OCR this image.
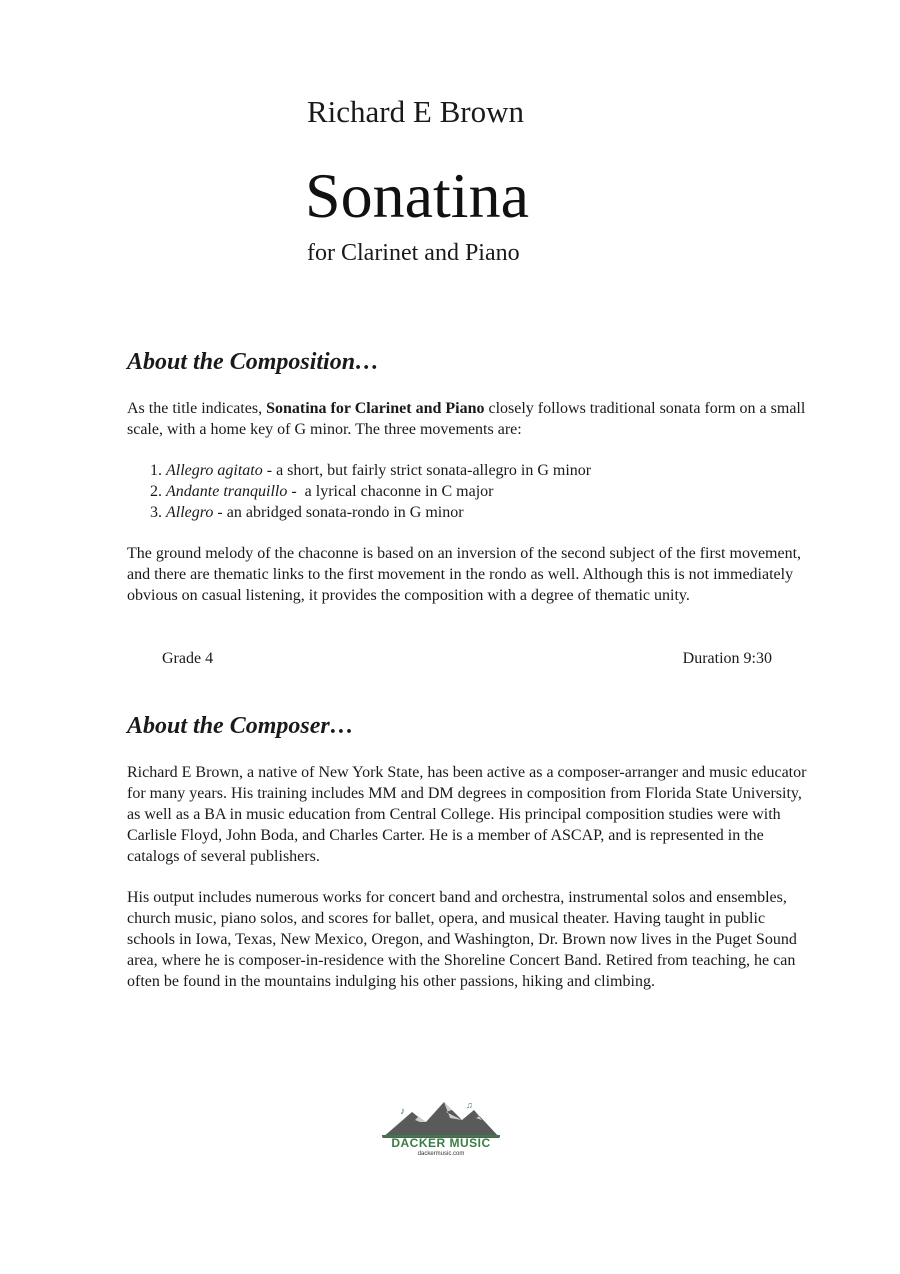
Richard E Brown
Sonatina
for Clarinet and Piano
About the Composition…

As the title indicates, Sonatina for Clarinet and Piano closely follows traditional sonata form on a small scale, with a home key of G minor. The three movements are:

1. Allegro agitato - a short, but fairly strict sonata-allegro in G minor
2. Andante tranquillo -  a lyrical chaconne in C major
3. Allegro - an abridged sonata-rondo in G minor

The ground melody of the chaconne is based on an inversion of the second subject of the first movement, and there are thematic links to the first movement in the rondo as well. Although this is not immediately obvious on casual listening, it provides the composition with a degree of thematic unity.

Grade 4	Duration 9:30
About the Composer…

Richard E Brown, a native of New York State, has been active as a composer-arranger and music educator for many years. His training includes MM and DM degrees in composition from Florida State University, as well as a BA in music education from Central College. His principal composition studies were with Carlisle Floyd, John Boda, and Charles Carter. He is a member of ASCAP, and is represented in the catalogs of several publishers.

His output includes numerous works for concert band and orchestra, instrumental solos and ensembles, church music, piano solos, and scores for ballet, opera, and musical theater. Having taught in public schools in Iowa, Texas, New Mexico, Oregon, and Washington, Dr. Brown now lives in the Puget Sound area, where he is composer-in-residence with the Shoreline Concert Band. Retired from teaching, he can often be found in the mountains indulging his other passions, hiking and climbing.

♪
♫
DACKER MUSIC
dackermusic.com
